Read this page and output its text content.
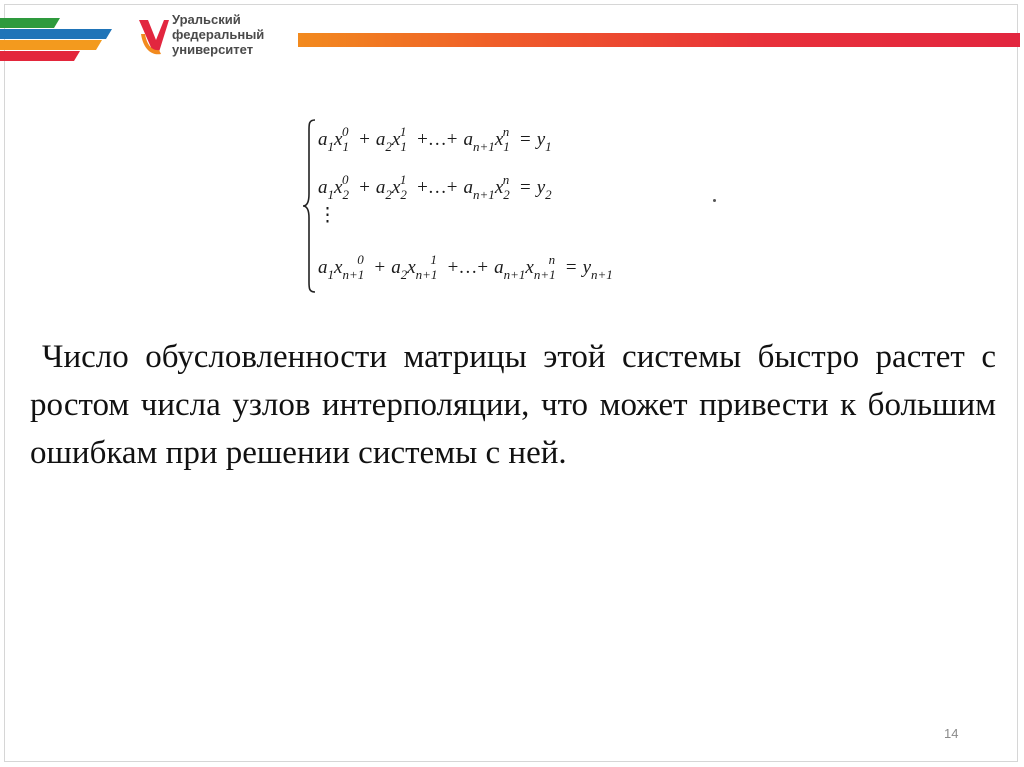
Уральский
федеральный
университет
$a_1x_1^0 + a_2x_1^1$ +…+ $a_{n+1}x_1^n = y_1$
$a_1x_2^0 + a_2x_2^1$ +…+ $a_{n+1}x_2^n = y_2$
⋮
$a_1x_{n+1}^0 + a_2x_{n+1}^1$ +…+ $a_{n+1}x_{n+1}^n = y_{n+1}$
Число обусловленности матрицы этой системы быстро растет с ростом числа узлов интерполяции, что может привести к большим ошибкам при решении системы с ней.
14
